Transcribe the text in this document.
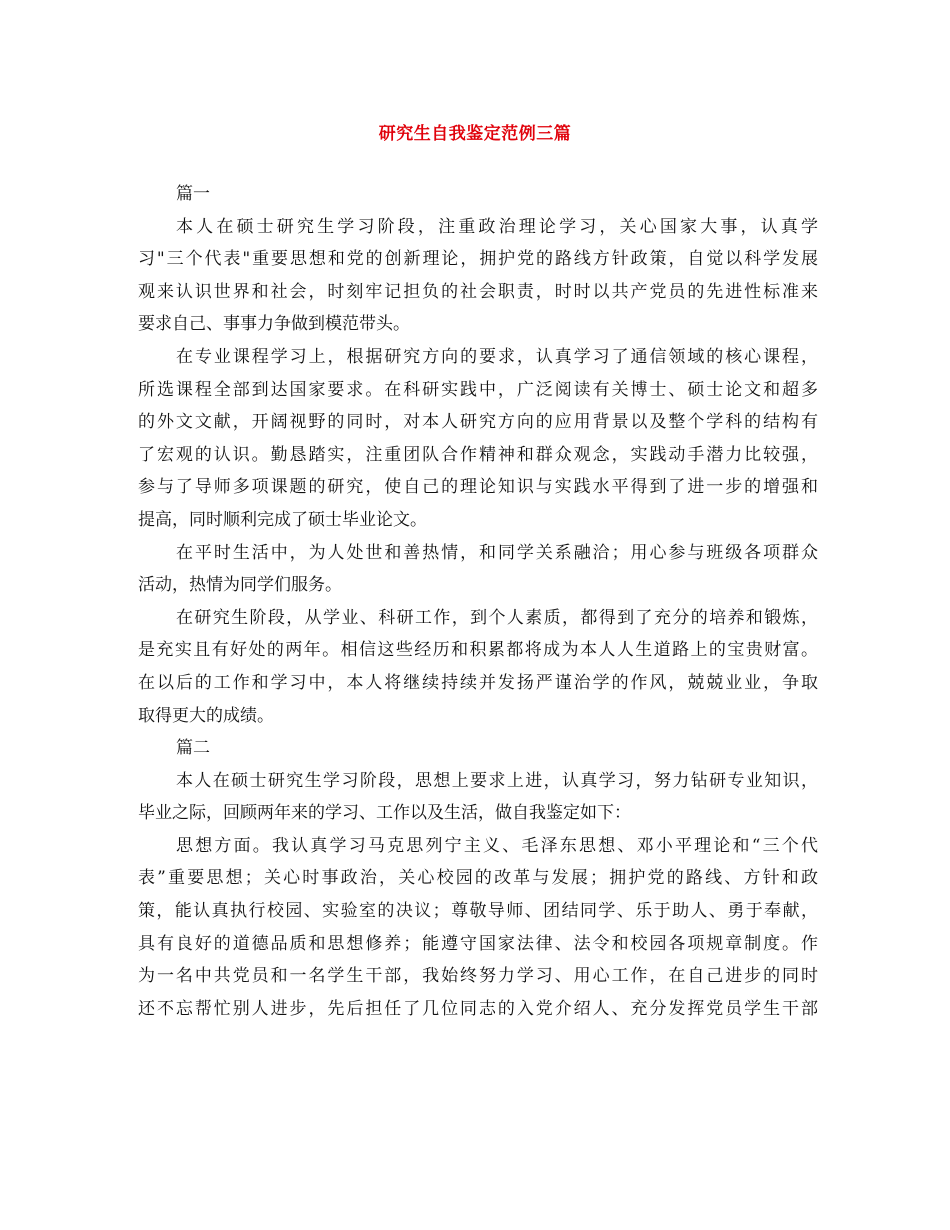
研究生自我鉴定范例三篇
篇一
本人在硕士研究生学习阶段，注重政治理论学习，关心国家大事，认真学
习"三个代表"重要思想和党的创新理论，拥护党的路线方针政策，自觉以科学发展
观来认识世界和社会，时刻牢记担负的社会职责，时时以共产党员的先进性标准来
要求自己、事事力争做到模范带头。
在专业课程学习上，根据研究方向的要求，认真学习了通信领域的核心课程，
所选课程全部到达国家要求。在科研实践中，广泛阅读有关博士、硕士论文和超多
的外文文献，开阔视野的同时，对本人研究方向的应用背景以及整个学科的结构有
了宏观的认识。勤恳踏实，注重团队合作精神和群众观念，实践动手潜力比较强，
参与了导师多项课题的研究，使自己的理论知识与实践水平得到了进一步的增强和
提高，同时顺利完成了硕士毕业论文。
在平时生活中，为人处世和善热情，和同学关系融洽；用心参与班级各项群众
活动，热情为同学们服务。
在研究生阶段，从学业、科研工作，到个人素质，都得到了充分的培养和锻炼，
是充实且有好处的两年。相信这些经历和积累都将成为本人人生道路上的宝贵财富。
在以后的工作和学习中，本人将继续持续并发扬严谨治学的作风，兢兢业业，争取
取得更大的成绩。
篇二
本人在硕士研究生学习阶段，思想上要求上进，认真学习，努力钻研专业知识，
毕业之际，回顾两年来的学习、工作以及生活，做自我鉴定如下：
思想方面。我认真学习马克思列宁主义、毛泽东思想、邓小平理论和“三个代
表”重要思想；关心时事政治，关心校园的改革与发展；拥护党的路线、方针和政
策，能认真执行校园、实验室的决议；尊敬导师、团结同学、乐于助人、勇于奉献，
具有良好的道德品质和思想修养；能遵守国家法律、法令和校园各项规章制度。作
为一名中共党员和一名学生干部，我始终努力学习、用心工作，在自己进步的同时
还不忘帮忙别人进步，先后担任了几位同志的入党介绍人、充分发挥党员学生干部
